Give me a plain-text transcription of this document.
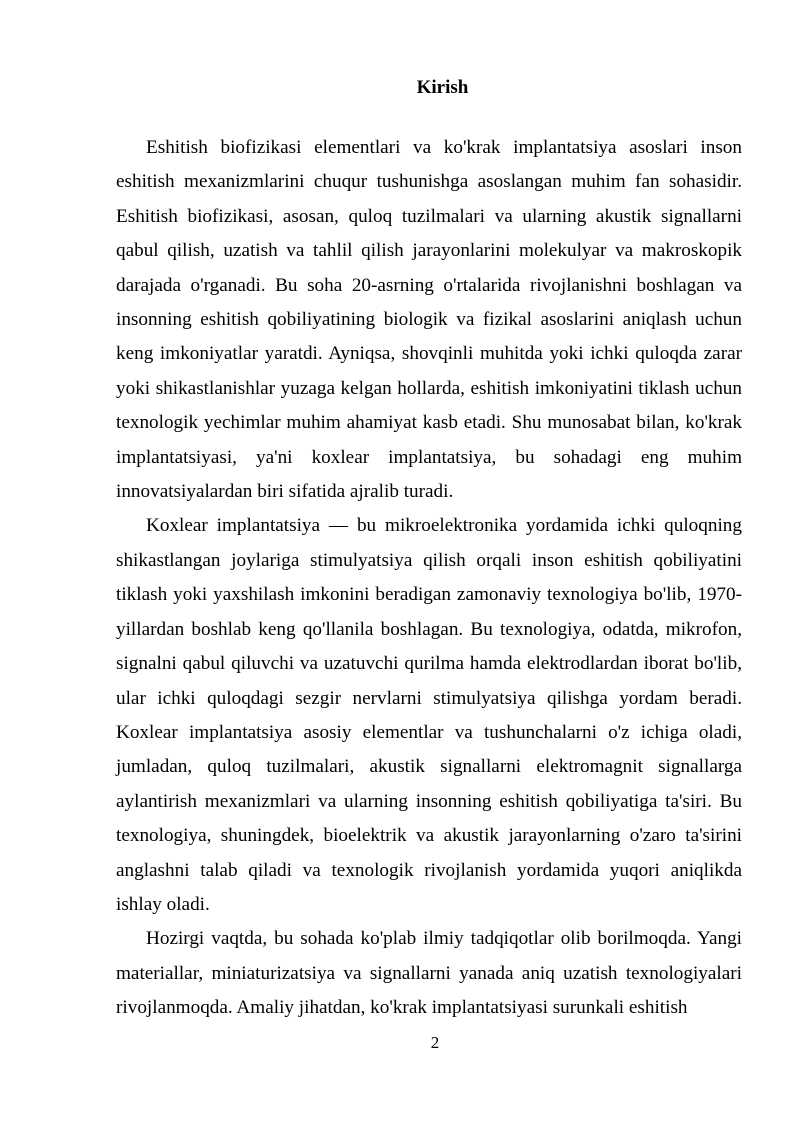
Kirish

Eshitish biofizikasi elementlari va ko'krak implantatsiya asoslari inson eshitish mexanizmlarini chuqur tushunishga asoslangan muhim fan sohasidir. Eshitish biofizikasi, asosan, quloq tuzilmalari va ularning akustik signallarni qabul qilish, uzatish va tahlil qilish jarayonlarini molekulyar va makroskopik darajada o'rganadi. Bu soha 20-asrning o'rtalarida rivojlanishni boshlagan va insonning eshitish qobiliyatining biologik va fizikal asoslarini aniqlash uchun keng imkoniyatlar yaratdi. Ayniqsa, shovqinli muhitda yoki ichki quloqda zarar yoki shikastlanishlar yuzaga kelgan hollarda, eshitish imkoniyatini tiklash uchun texnologik yechimlar muhim ahamiyat kasb etadi. Shu munosabat bilan, ko'krak implantatsiyasi, ya'ni koxlear implantatsiya, bu sohadagi eng muhim innovatsiyalardan biri sifatida ajralib turadi.

Koxlear implantatsiya — bu mikroelektronika yordamida ichki quloqning shikastlangan joylariga stimulyatsiya qilish orqali inson eshitish qobiliyatini tiklash yoki yaxshilash imkonini beradigan zamonaviy texnologiya bo'lib, 1970-yillardan boshlab keng qo'llanila boshlagan. Bu texnologiya, odatda, mikrofon, signalni qabul qiluvchi va uzatuvchi qurilma hamda elektrodlardan iborat bo'lib, ular ichki quloqdagi sezgir nervlarni stimulyatsiya qilishga yordam beradi. Koxlear implantatsiya asosiy elementlar va tushunchalarni o'z ichiga oladi, jumladan, quloq tuzilmalari, akustik signallarni elektromagnit signallarga aylantirish mexanizmlari va ularning insonning eshitish qobiliyatiga ta'siri. Bu texnologiya, shuningdek, bioelektrik va akustik jarayonlarning o'zaro ta'sirini anglashni talab qiladi va texnologik rivojlanish yordamida yuqori aniqlikda ishlay oladi.

Hozirgi vaqtda, bu sohada ko'plab ilmiy tadqiqotlar olib borilmoqda. Yangi materiallar, miniaturizatsiya va signallarni yanada aniq uzatish texnologiyalari rivojlanmoqda. Amaliy jihatdan, ko'krak implantatsiyasi surunkali eshitish

2
